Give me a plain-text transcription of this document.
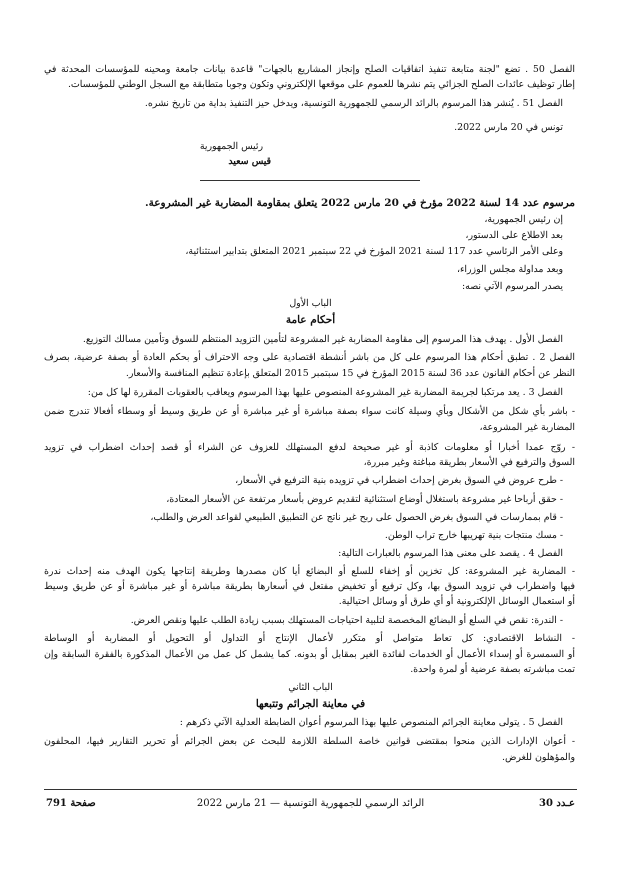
الفصل 50 . تضع "لجنة متابعة تنفيذ اتفاقيات الصلح وإنجاز المشاريع بالجهات" قاعدة بيانات جامعة ومحينه للمؤسسات المحدثة في
إطار توظيف عائدات الصلح الجزائي يتم نشرها للعموم على موقعها الإلكتروني وتكون وجوبا متطابقة مع السجل الوطني للمؤسسات.
الفصل 51 . يُنشر هذا المرسوم بالرائد الرسمي للجمهورية التونسية، ويدخل حيز التنفيذ بداية من تاريخ نشره.
تونس في 20 مارس 2022.
رئيس الجمهورية
قيس سعيد
مرسوم عدد 14 لسنة 2022 مؤرخ في 20 مارس 2022 يتعلق بمقاومة المضاربة غير المشروعة.
إن رئيس الجمهورية،
بعد الاطلاع على الدستور،
وعلى الأمر الرئاسي عدد 117 لسنة 2021 المؤرخ في 22 سبتمبر 2021 المتعلق بتدابير استثنائية،
وبعد مداولة مجلس الوزراء،
يصدر المرسوم الآتي نصه:
الباب الأول
أحكام عامة
الفصل الأول . يهدف هذا المرسوم إلى مقاومة المضاربة غير المشروعة لتأمين التزويد المنتظم للسوق وتأمين مسالك التوزيع.
الفصل 2 . تطبق أحكام هذا المرسوم على كل من باشر أنشطة اقتصادية على وجه الاحتراف أو بحكم العادة أو بصفة عرضية، بصرف
النظر عن أحكام القانون عدد 36 لسنة 2015 المؤرخ في 15 سبتمبر 2015 المتعلق بإعادة تنظيم المنافسة والأسعار.
الفصل 3 . يعد مرتكبا لجريمة المضاربة غير المشروعة المنصوص عليها بهذا المرسوم ويعاقب بالعقوبات المقررة لها كل من:
- باشر بأي شكل من الأشكال وبأي وسيلة كانت سواء بصفة مباشرة أو غير مباشرة أو عن طريق وسيط أو وسطاء أفعالا تندرج ضمن
المضاربة غير المشروعة،
- روّج عمدا أخبارا أو معلومات كاذبة أو غير صحيحة لدفع المستهلك للعزوف عن الشراء أو قصد إحداث اضطراب في تزويد
السوق والترفيع في الأسعار بطريقة مباغتة وغير مبررة،
- طرح عروض في السوق بغرض إحداث اضطراب في تزويده بنية الترفيع في الأسعار،
- حقق أرباحا غير مشروعة باستغلال أوضاع استثنائية لتقديم عروض بأسعار مرتفعة عن الأسعار المعتادة،
- قام بممارسات في السوق بغرض الحصول على ربح غير ناتج عن التطبيق الطبيعي لقواعد العرض والطلب،
- مسك منتجات بنية تهريبها خارج تراب الوطن.
الفصل 4 . يقصد على معنى هذا المرسوم بالعبارات التالية:
- المضاربة غير المشروعة: كل تخزين أو إخفاء للسلع أو البضائع أيا كان مصدرها وطريقة إنتاجها يكون الهدف منه إحداث ندرة
فيها واضطراب في تزويد السوق بها، وكل ترفيع أو تخفيض مفتعل في أسعارها بطريقة مباشرة أو غير مباشرة أو عن طريق وسيط
أو استعمال الوسائل الإلكترونية أو أي طرق أو وسائل احتيالية.
- الندرة: نقص في السلع أو البضائع المخصصة لتلبية احتياجات المستهلك بسبب زيادة الطلب عليها ونقص العرض.
- النشاط الاقتصادي: كل تعاط متواصل أو متكرر لأعمال الإنتاج أو التداول أو التحويل أو المضاربة أو الوساطة
أو السمسرة أو إسداء الأعمال أو الخدمات لفائدة الغير بمقابل أو بدونه. كما يشمل كل عمل من الأعمال المذكورة بالفقرة السابقة وإن
تمت مباشرته بصفة عرضية أو لمرة واحدة.
الباب الثاني
في معاينة الجرائم وتتبعها
الفصل 5 . يتولى معاينة الجرائم المنصوص عليها بهذا المرسوم أعوان الضابطة العدلية الآتي ذكرهم :
- أعوان الإدارات الذين منحوا بمقتضى قوانين خاصة السلطة اللازمة للبحث عن بعض الجرائم أو تحرير التقارير فيها، المحلفون
والمؤهلون للغرض.
عـدد 30
الرائد الرسمي للجمهورية التونسية — 21 مارس 2022
صفحة 791
